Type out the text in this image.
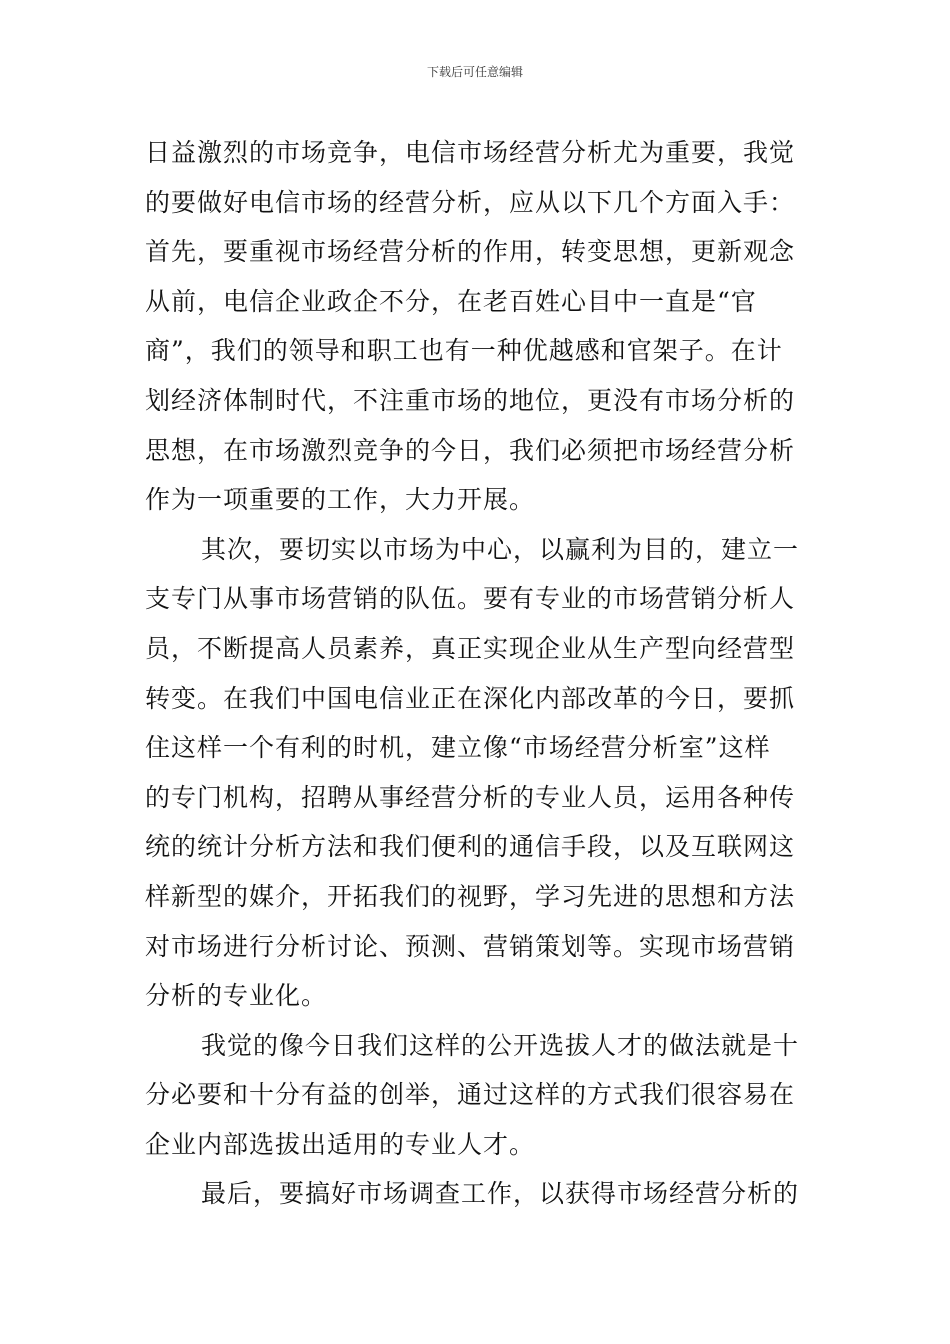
下载后可任意编辑
日益激烈的市场竞争，电信市场经营分析尤为重要，我觉
的要做好电信市场的经营分析，应从以下几个方面入手：
首先，要重视市场经营分析的作用，转变思想，更新观念
从前，电信企业政企不分，在老百姓心目中一直是“官
商”，我们的领导和职工也有一种优越感和官架子。在计
划经济体制时代，不注重市场的地位，更没有市场分析的
思想，在市场激烈竞争的今日，我们必须把市场经营分析
作为一项重要的工作，大力开展。
其次，要切实以市场为中心，以赢利为目的，建立一
支专门从事市场营销的队伍。要有专业的市场营销分析人
员，不断提高人员素养，真正实现企业从生产型向经营型
转变。在我们中国电信业正在深化内部改革的今日，要抓
住这样一个有利的时机，建立像“市场经营分析室”这样
的专门机构，招聘从事经营分析的专业人员，运用各种传
统的统计分析方法和我们便利的通信手段，以及互联网这
样新型的媒介，开拓我们的视野，学习先进的思想和方法
对市场进行分析讨论、预测、营销策划等。实现市场营销
分析的专业化。
我觉的像今日我们这样的公开选拔人才的做法就是十
分必要和十分有益的创举，通过这样的方式我们很容易在
企业内部选拔出适用的专业人才。
最后，要搞好市场调查工作，以获得市场经营分析的
